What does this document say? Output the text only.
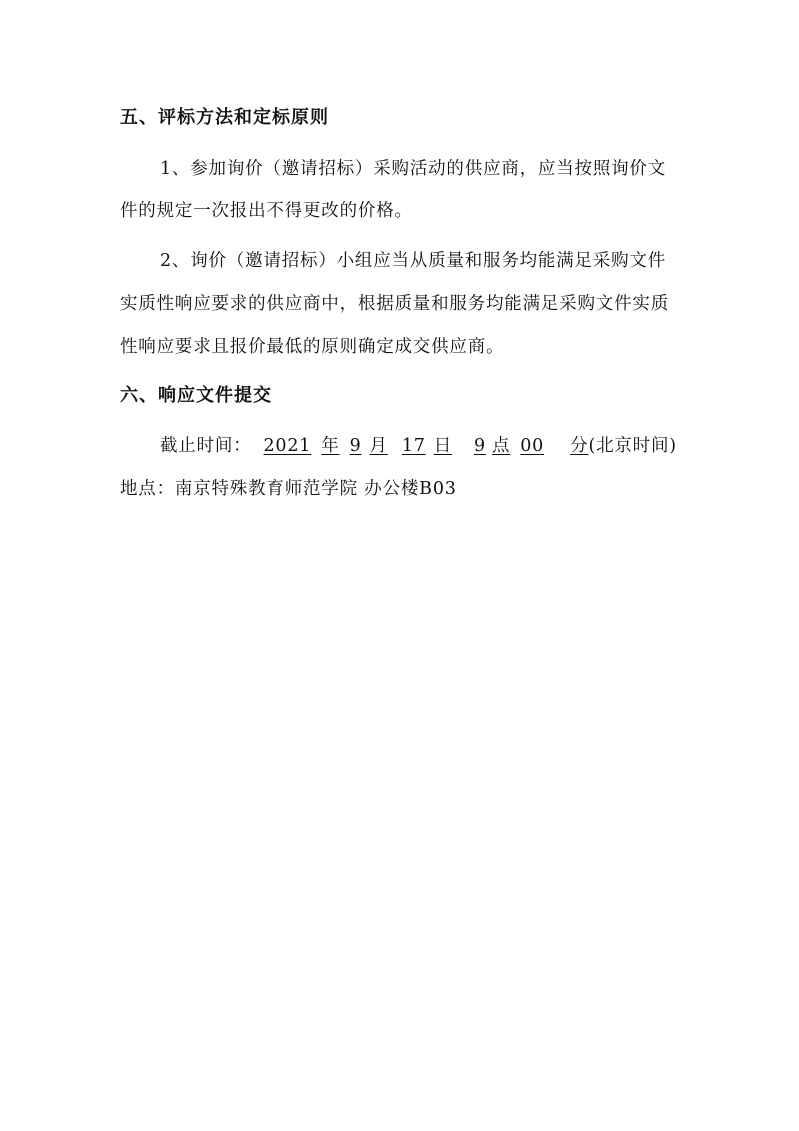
五、评标方法和定标原则
1、参加询价（邀请招标）采购活动的供应商，应当按照询价文
件的规定一次报出不得更改的价格。
2、询价（邀请招标）小组应当从质量和服务均能满足采购文件
实质性响应要求的供应商中，根据质量和服务均能满足采购文件实质
性响应要求且报价最低的原则确定成交供应商。
六、响应文件提交
截止时间： 2021 年 9 月 17 日 9 点 00 分(北京时间)
地点：南京特殊教育师范学院 办公楼B03
